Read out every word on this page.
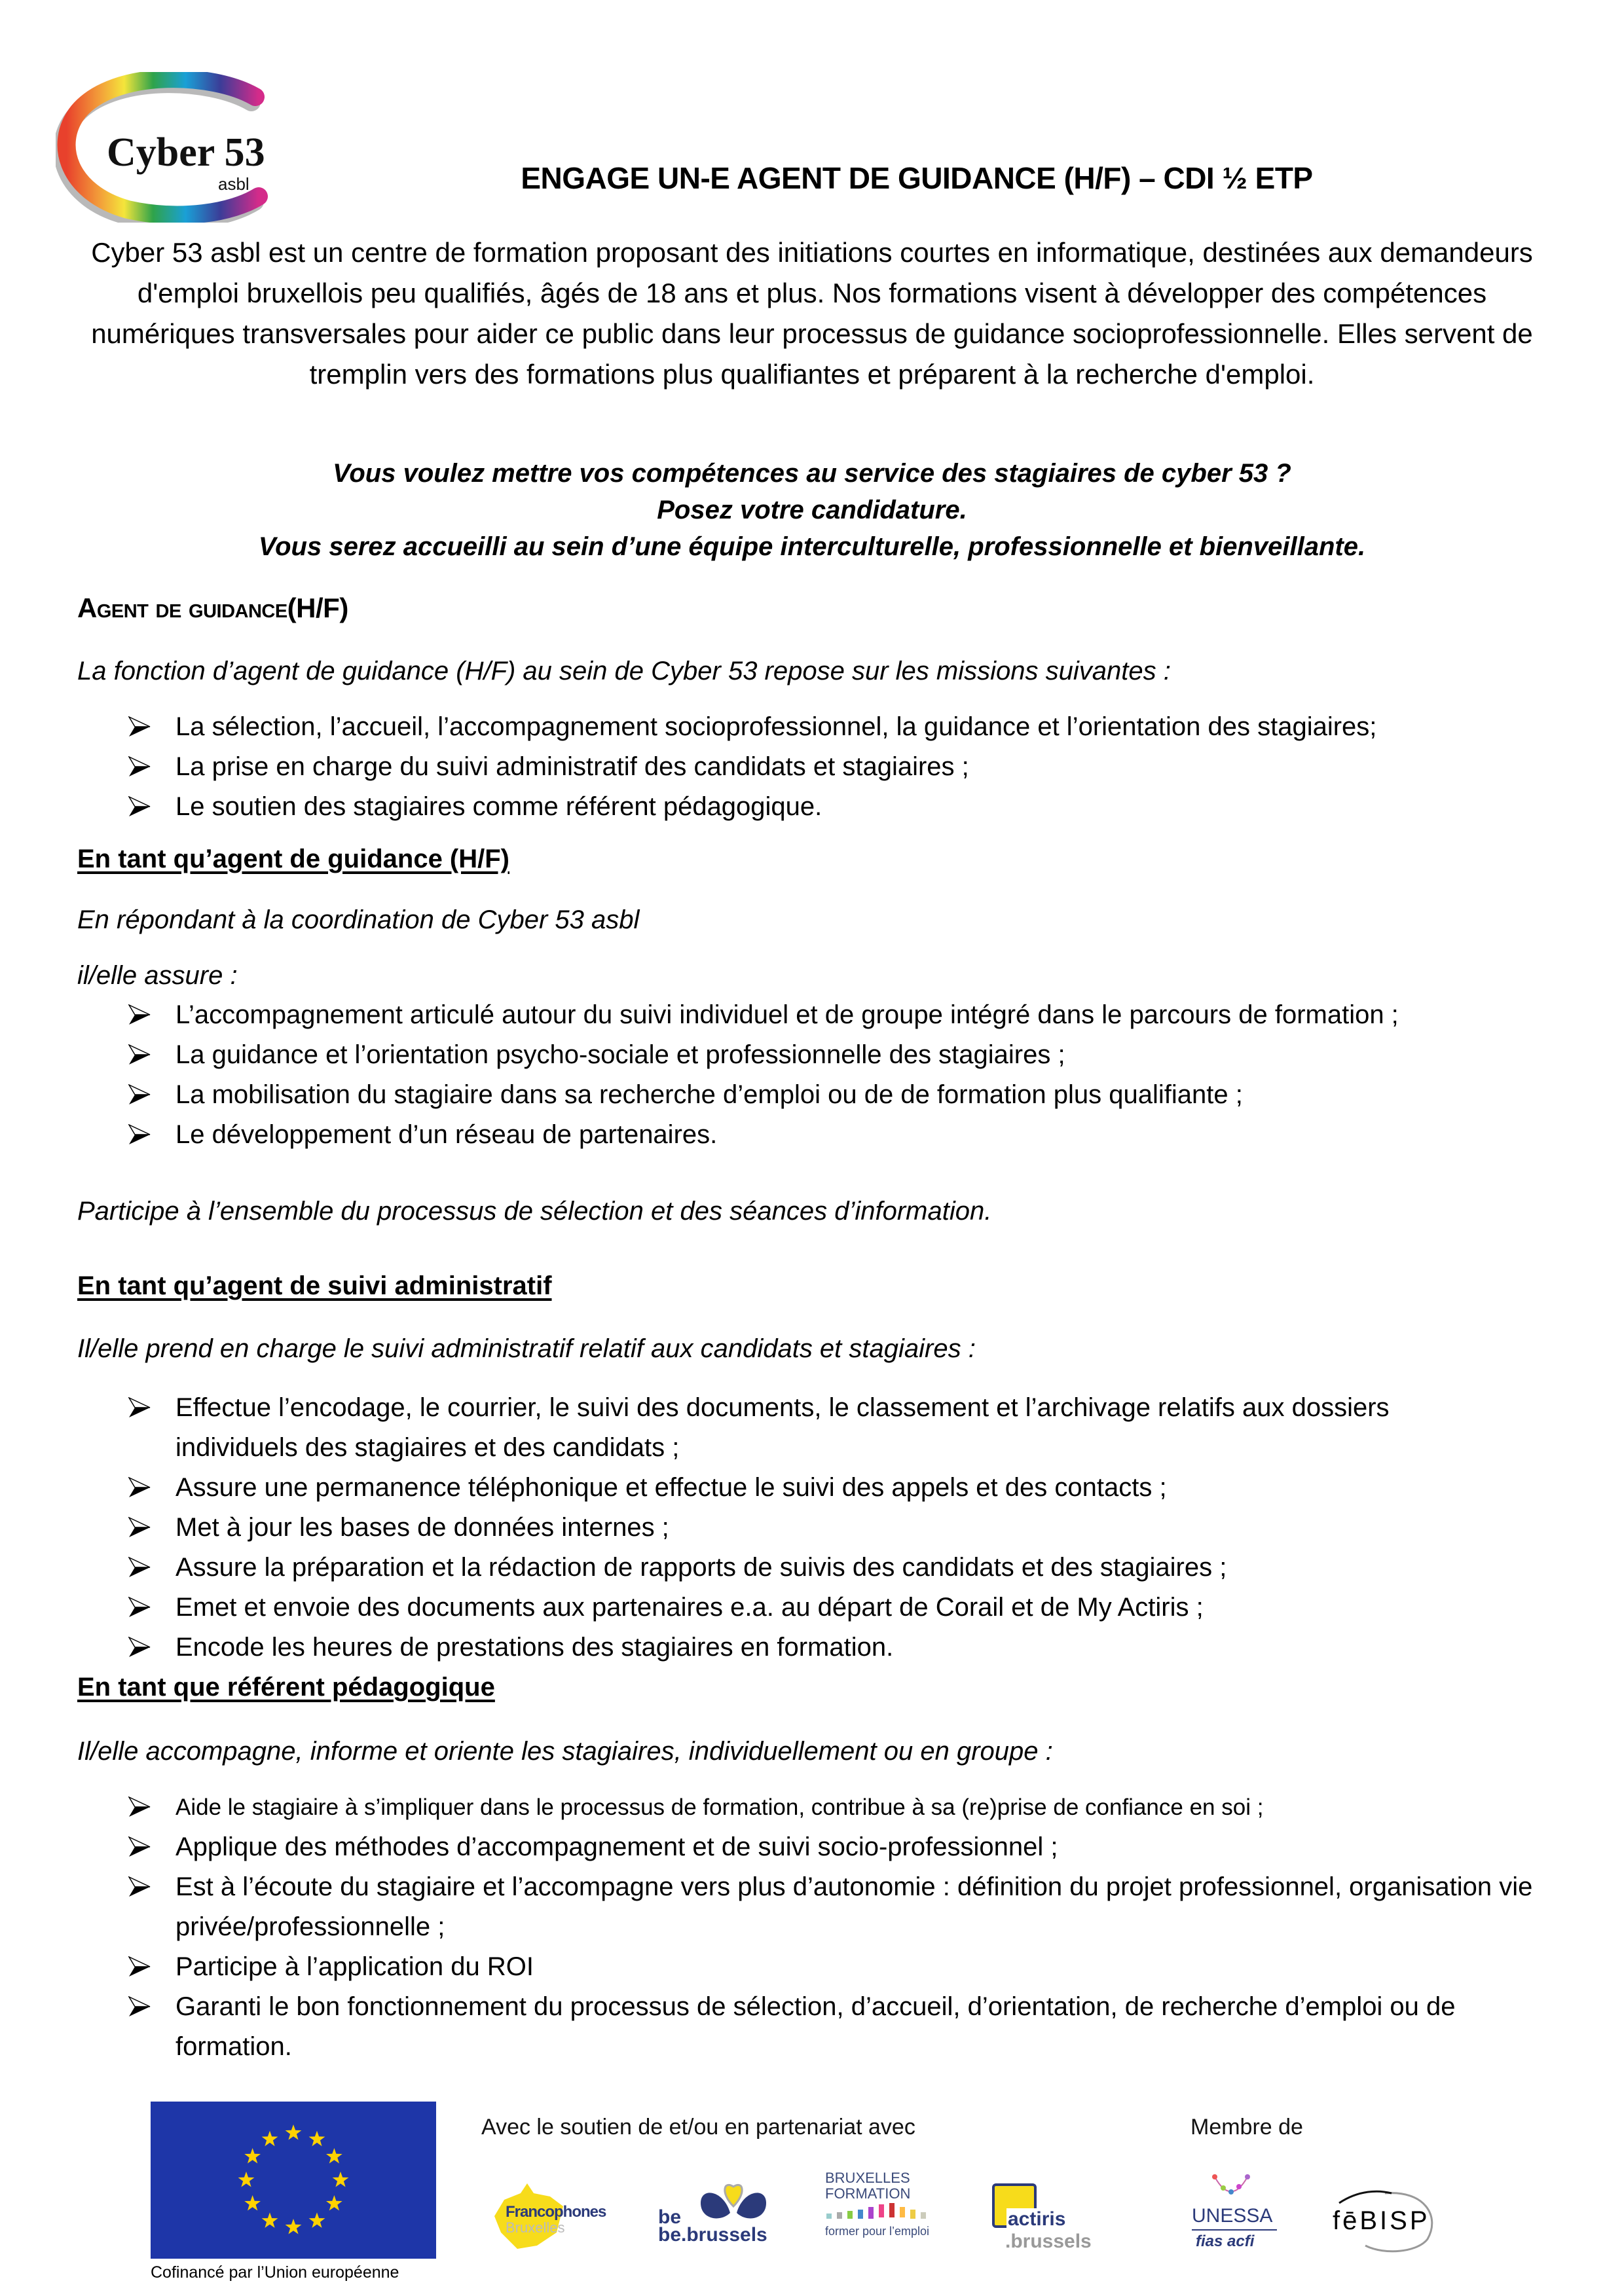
Cyber 53
asbl	ENGAGE UN-E AGENT DE GUIDANCE (H/F) – CDI ½ ETP
Cyber 53 asbl est un centre de formation proposant des initiations courtes en informatique, destinées aux demandeurs d'emploi bruxellois peu qualifiés, âgés de 18 ans et plus. Nos formations visent à développer des compétences numériques transversales pour aider ce public dans leur processus de guidance socioprofessionnelle. Elles servent de tremplin vers des formations plus qualifiantes et préparent à la recherche d'emploi.
Vous voulez mettre vos compétences au service des stagiaires de cyber 53 ?
Posez votre candidature.
Vous serez accueilli au sein d’une équipe interculturelle, professionnelle et bienveillante.
Agent de guidance(H/F)
La fonction d’agent de guidance (H/F) au sein de Cyber 53 repose sur les missions suivantes :
La sélection, l’accueil, l’accompagnement socioprofessionnel, la guidance et l’orientation des stagiaires;
La prise en charge du suivi administratif des candidats et stagiaires ;
Le soutien des stagiaires comme référent pédagogique.
En tant qu’agent de guidance (H/F)
En répondant à la coordination de Cyber 53 asbl
il/elle assure :
L’accompagnement articulé autour du suivi individuel et de groupe intégré dans le parcours de formation ;
La guidance et l’orientation psycho-sociale et professionnelle des stagiaires ;
La mobilisation du stagiaire dans sa recherche d’emploi ou de de formation plus qualifiante ;
Le développement d’un réseau de partenaires.
Participe à l’ensemble du processus de sélection et des séances d’information.
En tant qu’agent de suivi administratif
Il/elle prend en charge le suivi administratif relatif aux candidats et stagiaires :
Effectue l’encodage, le courrier, le suivi des documents, le classement et l’archivage relatifs aux dossiers individuels des stagiaires et des candidats ;
Assure une permanence téléphonique et effectue le suivi des appels et des contacts ;
Met à jour les bases de données internes ;
Assure la préparation et la rédaction de rapports de suivis des candidats et des stagiaires ;
Emet et envoie des documents aux partenaires e.a. au départ de Corail et de My Actiris ;
Encode les heures de prestations des stagiaires en formation.
En tant que référent pédagogique
Il/elle accompagne, informe et oriente les stagiaires, individuellement ou en groupe :
Aide le stagiaire à s’impliquer dans le processus de formation, contribue à sa (re)prise de confiance en soi ;
Applique des méthodes d’accompagnement et de suivi socio-professionnel ;
Est à l’écoute du stagiaire et l’accompagne vers plus d’autonomie : définition du projet professionnel, organisation vie privée/professionnelle ;
Participe à l’application du ROI
Garanti le bon fonctionnement du processus de sélection, d’accueil, d’orientation, de recherche d’emploi ou de formation.
Cofinancé par l’Union européenne
Avec le soutien de et/ou en partenariat avec	Membre de
Francophones
Bruxelles	be
be.brussels
BRUXELLES
FORMATION
former pour l’emploi
actiris
.brussels
UNESSA
fias acfi
fēBISP
